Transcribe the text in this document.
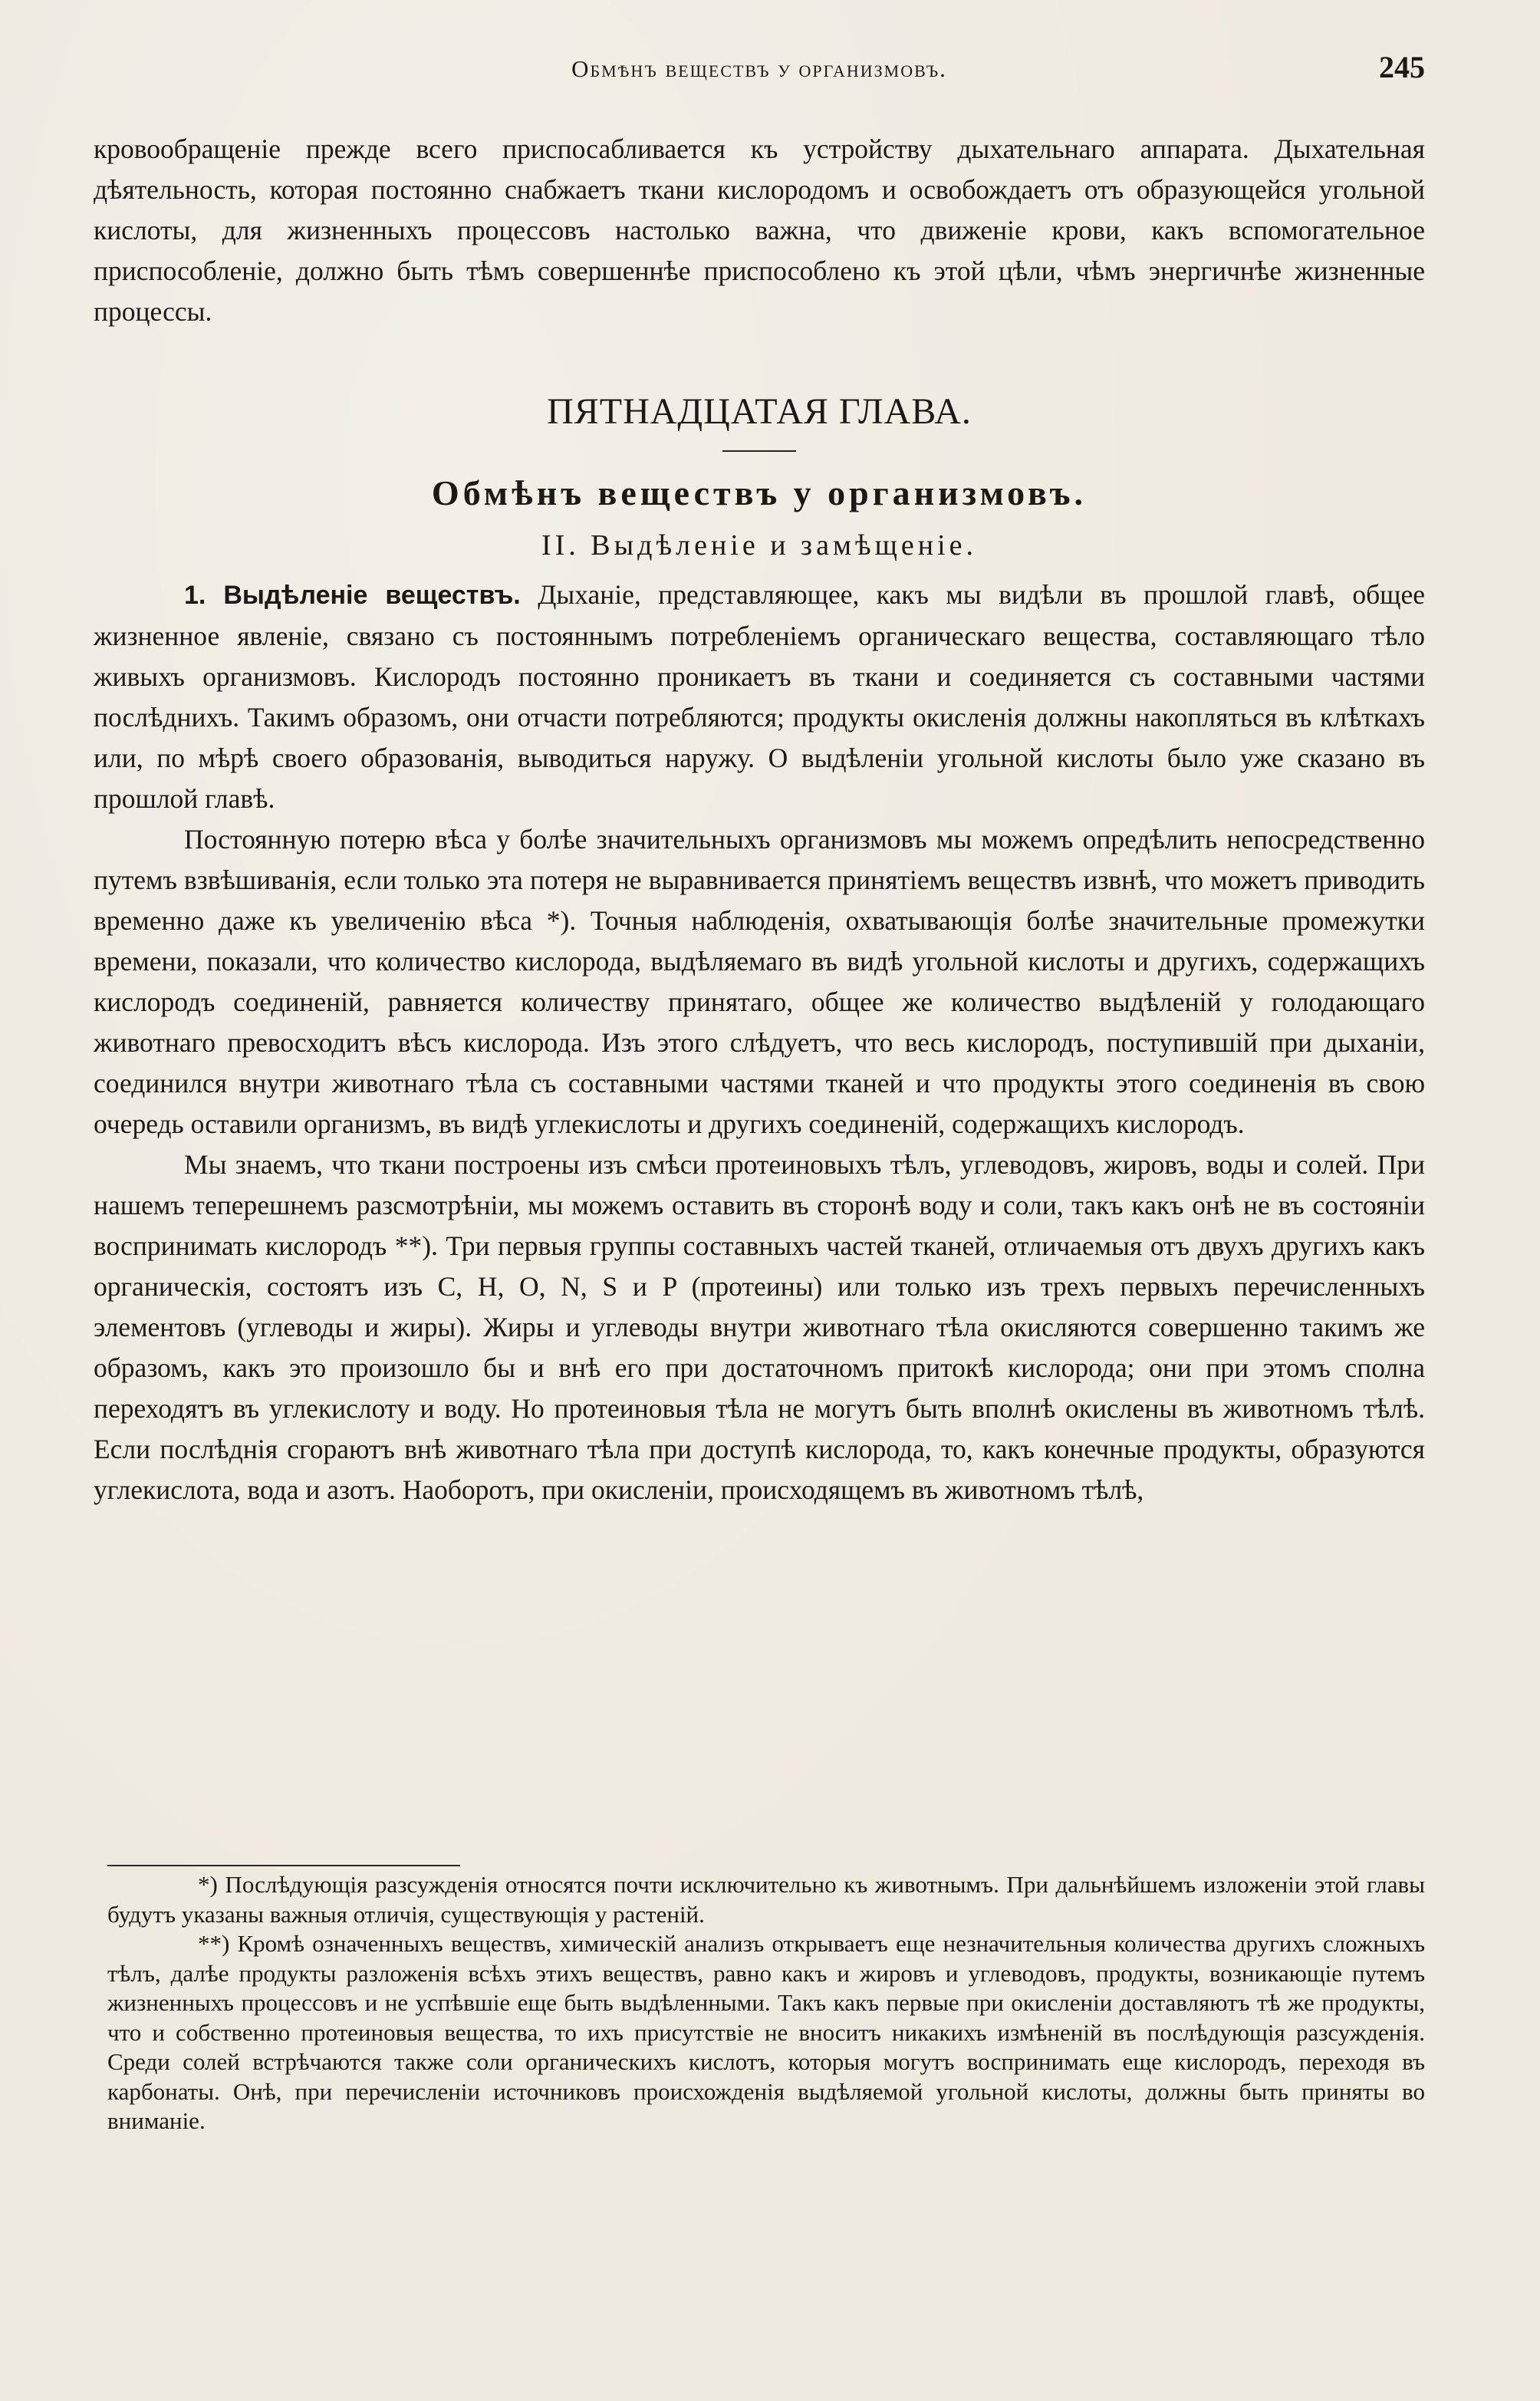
Обмѣнъ веществъ у организмовъ.	245

кровообращеніе прежде всего приспосабливается къ устройству дыхательнаго аппарата. Дыхательная дѣятельность, которая постоянно снабжаетъ ткани кислородомъ и освобождаетъ отъ образующейся угольной кислоты, для жизненныхъ процессовъ настолько важна, что движеніе крови, какъ вспомогательное приспособленіе, должно быть тѣмъ совершеннѣе приспособлено къ этой цѣли, чѣмъ энергичнѣе жизненные процессы.

ПЯТНАДЦАТАЯ ГЛАВА.
Обмѣнъ веществъ у организмовъ.
II. Выдѣленіе и замѣщеніе.

1. Выдѣленіе веществъ. Дыханіе, представляющее, какъ мы видѣли въ прошлой главѣ, общее жизненное явленіе, связано съ постояннымъ потребленіемъ органическаго вещества, составляющаго тѣло живыхъ организмовъ. Кислородъ постоянно проникаетъ въ ткани и соединяется съ составными частями послѣднихъ. Такимъ образомъ, они отчасти потребляются; продукты окисленія должны накопляться въ клѣткахъ или, по мѣрѣ своего образованія, выводиться наружу. О выдѣленіи угольной кислоты было уже сказано въ прошлой главѣ.

Постоянную потерю вѣса у болѣе значительныхъ организмовъ мы можемъ опредѣлить непосредственно путемъ взвѣшиванія, если только эта потеря не выравнивается принятіемъ веществъ извнѣ, что можетъ приводить временно даже къ увеличенію вѣса *). Точныя наблюденія, охватывающія болѣе значительные промежутки времени, показали, что количество кислорода, выдѣляемаго въ видѣ угольной кислоты и другихъ, содержащихъ кислородъ соединеній, равняется количеству принятаго, общее же количество выдѣленій у голодающаго животнаго превосходитъ вѣсъ кислорода. Изъ этого слѣдуетъ, что весь кислородъ, поступившій при дыханіи, соединился внутри животнаго тѣла съ составными частями тканей и что продукты этого соединенія въ свою очередь оставили организмъ, въ видѣ углекислоты и другихъ соединеній, содержащихъ кислородъ.

Мы знаемъ, что ткани построены изъ смѣси протеиновыхъ тѣлъ, углеводовъ, жировъ, воды и солей. При нашемъ теперешнемъ разсмотрѣніи, мы можемъ оставить въ сторонѣ воду и соли, такъ какъ онѣ не въ состояніи воспринимать кислородъ **). Три первыя группы составныхъ частей тканей, отличаемыя отъ двухъ другихъ какъ органическія, состоятъ изъ C, H, O, N, S и P (протеины) или только изъ трехъ первыхъ перечисленныхъ элементовъ (углеводы и жиры). Жиры и углеводы внутри животнаго тѣла окисляются совершенно такимъ же образомъ, какъ это произошло бы и внѣ его при достаточномъ притокѣ кислорода; они при этомъ сполна переходятъ въ углекислоту и воду. Но протеиновыя тѣла не могутъ быть вполнѣ окислены въ животномъ тѣлѣ. Если послѣднія сгораютъ внѣ животнаго тѣла при доступѣ кислорода, то, какъ конечные продукты, образуются углекислота, вода и азотъ. Наоборотъ, при окисленіи, происходящемъ въ животномъ тѣлѣ,

*) Послѣдующія разсужденія относятся почти исключительно къ животнымъ. При дальнѣйшемъ изложеніи этой главы будутъ указаны важныя отличія, существующія у растеній.

**) Кромѣ означенныхъ веществъ, химическій анализъ открываетъ еще незначительныя количества другихъ сложныхъ тѣлъ, далѣе продукты разложенія всѣхъ этихъ веществъ, равно какъ и жировъ и углеводовъ, продукты, возникающіе путемъ жизненныхъ процессовъ и не успѣвшіе еще быть выдѣленными. Такъ какъ первые при окисленіи доставляютъ тѣ же продукты, что и собственно протеиновыя вещества, то ихъ присутствіе не вноситъ никакихъ измѣненій въ послѣдующія разсужденія. Среди солей встрѣчаются также соли органическихъ кислотъ, которыя могутъ воспринимать еще кислородъ, переходя въ карбонаты. Онѣ, при перечисленіи источниковъ происхожденія выдѣляемой угольной кислоты, должны быть приняты во вниманіе.
